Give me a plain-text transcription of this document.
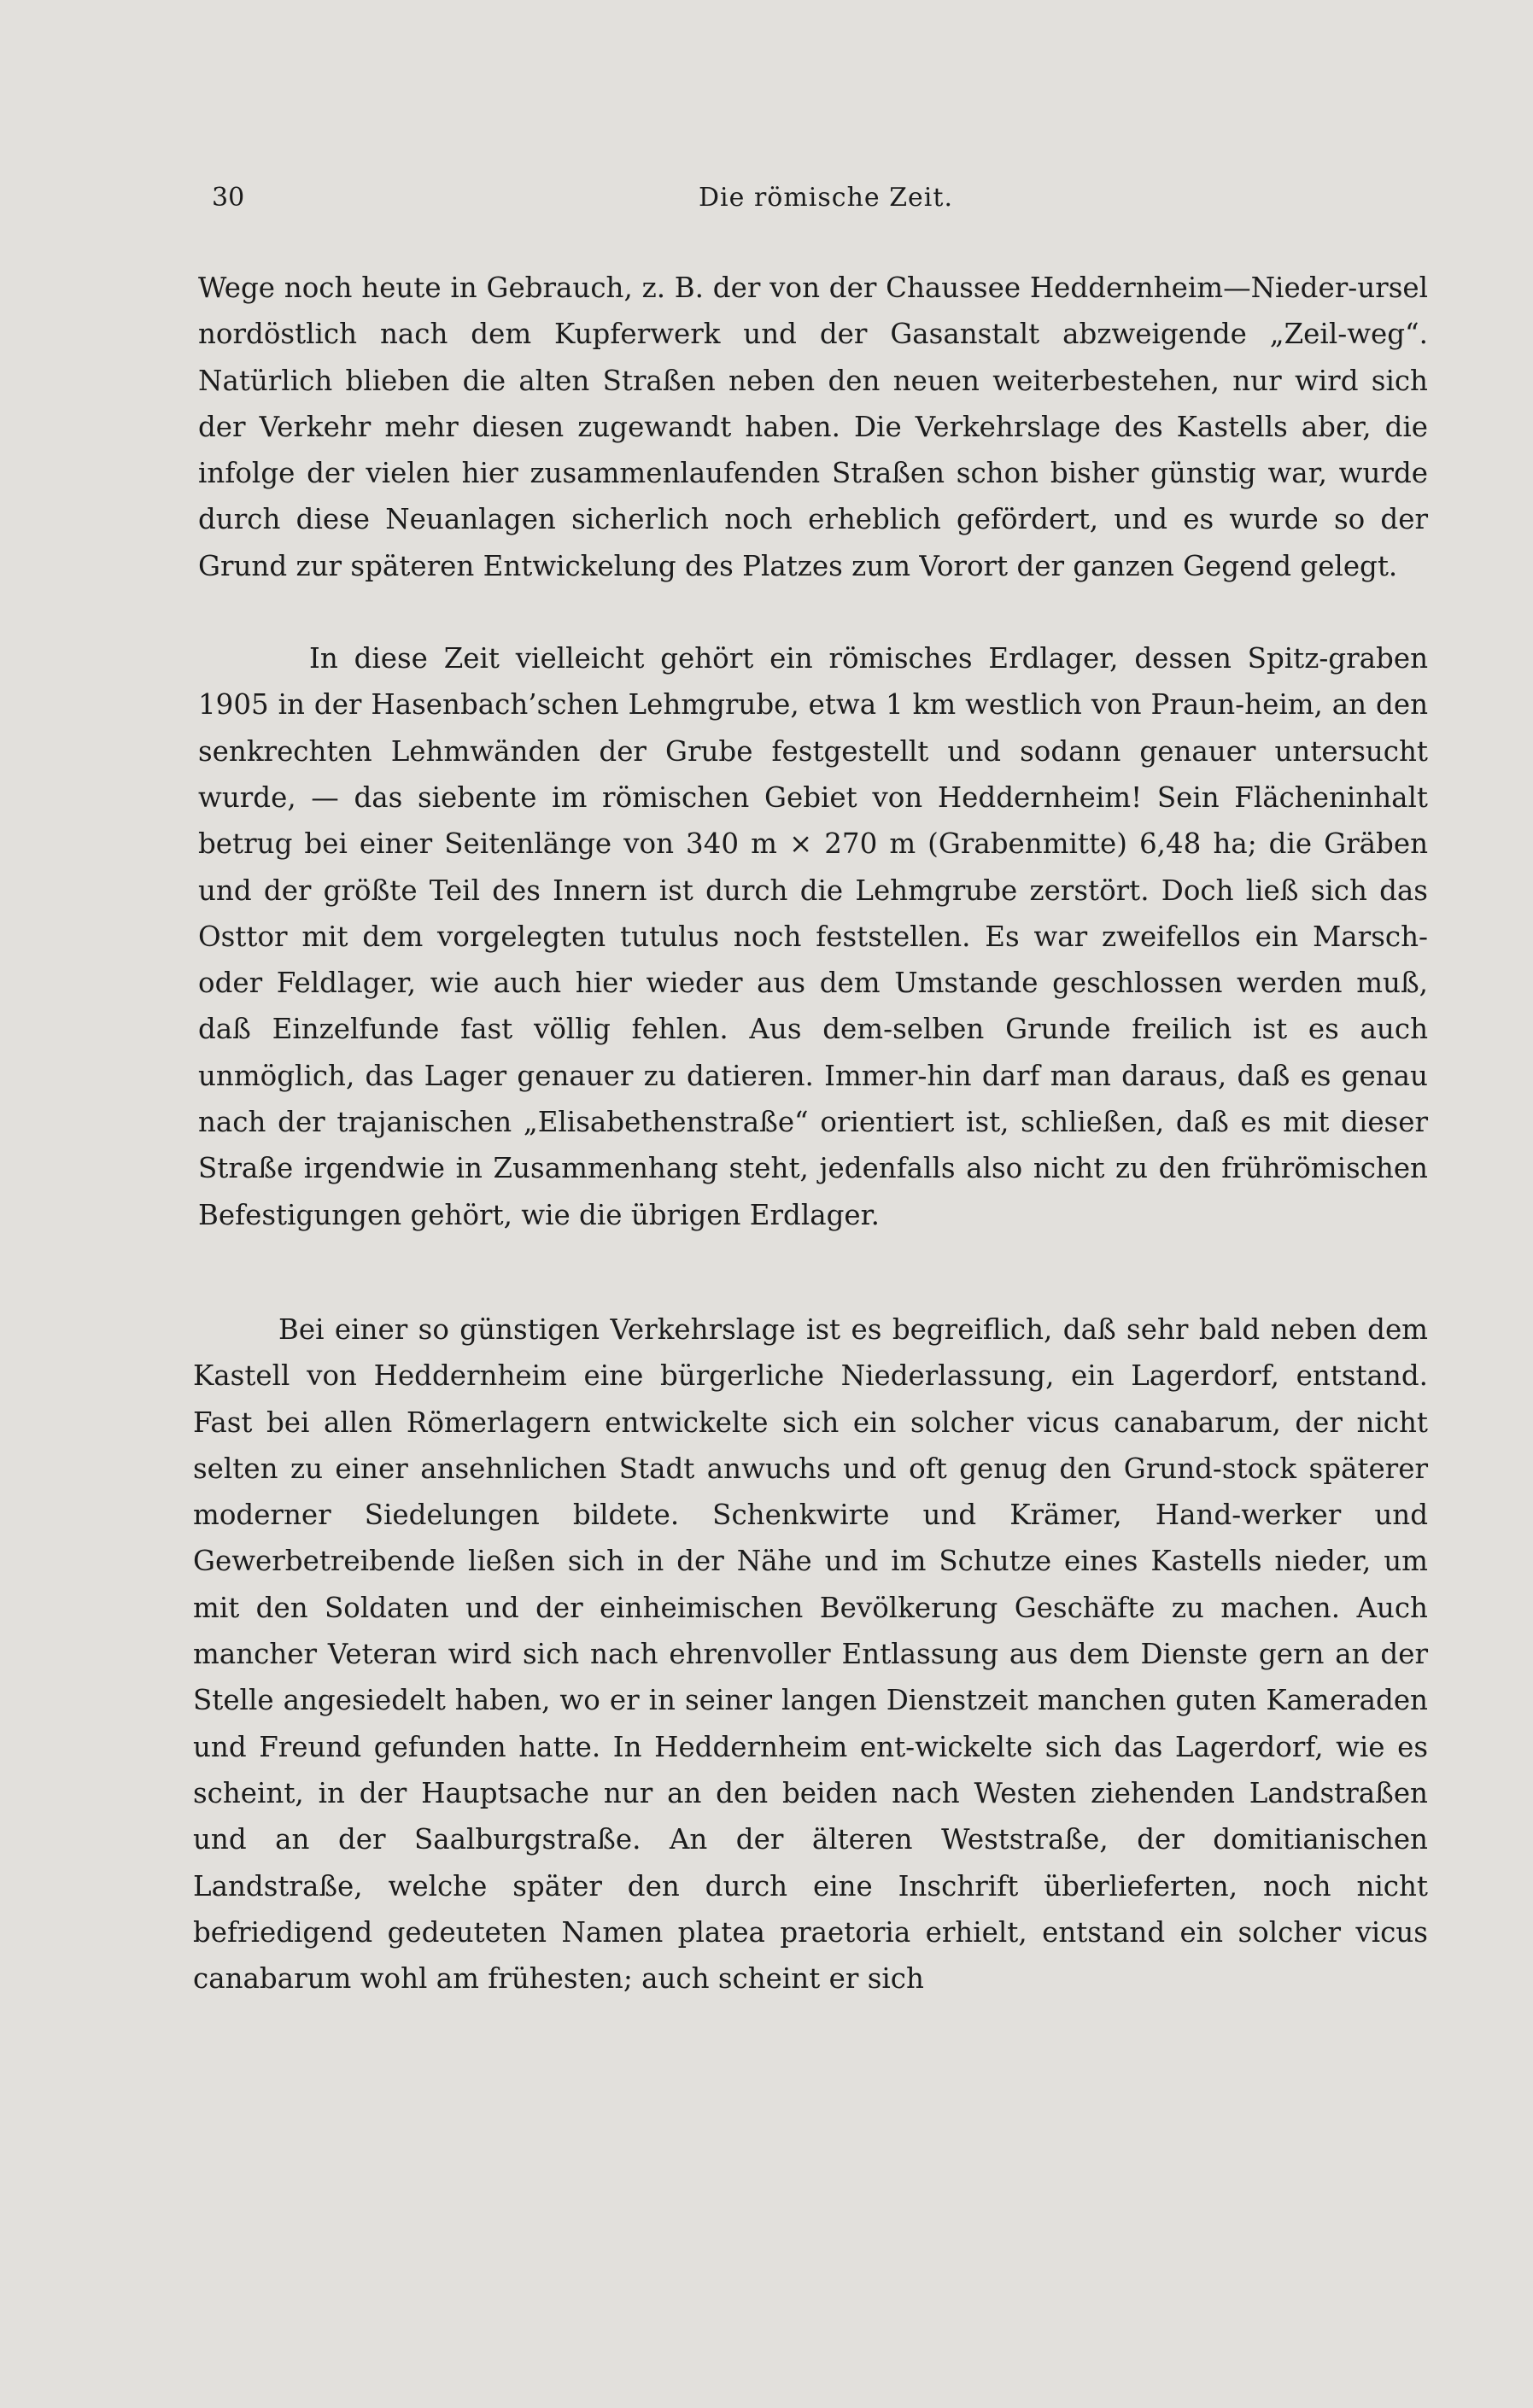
30	Die römische Zeit.

Wege noch heute in Gebrauch, z. B. der von der Chaussee Heddernheim—Nieder-ursel nordöstlich nach dem Kupferwerk und der Gasanstalt abzweigende „Zeil-weg“. Natürlich blieben die alten Straßen neben den neuen weiterbestehen, nur wird sich der Verkehr mehr diesen zugewandt haben. Die Verkehrslage des Kastells aber, die infolge der vielen hier zusammenlaufenden Straßen schon bisher günstig war, wurde durch diese Neuanlagen sicherlich noch erheblich gefördert, und es wurde so der Grund zur späteren Entwickelung des Platzes zum Vorort der ganzen Gegend gelegt.

In diese Zeit vielleicht gehört ein römisches Erdlager, dessen Spitz-graben 1905 in der Hasenbach’schen Lehmgrube, etwa 1 km westlich von Praun-heim, an den senkrechten Lehmwänden der Grube festgestellt und sodann genauer untersucht wurde, — das siebente im römischen Gebiet von Heddernheim! Sein Flächeninhalt betrug bei einer Seitenlänge von 340 m × 270 m (Grabenmitte) 6,48 ha; die Gräben und der größte Teil des Innern ist durch die Lehmgrube zerstört. Doch ließ sich das Osttor mit dem vorgelegten tutulus noch feststellen. Es war zweifellos ein Marsch- oder Feldlager, wie auch hier wieder aus dem Umstande geschlossen werden muß, daß Einzelfunde fast völlig fehlen. Aus dem-selben Grunde freilich ist es auch unmöglich, das Lager genauer zu datieren. Immer-hin darf man daraus, daß es genau nach der trajanischen „Elisabethenstraße“ orientiert ist, schließen, daß es mit dieser Straße irgendwie in Zusammenhang steht, jedenfalls also nicht zu den frührömischen Befestigungen gehört, wie die übrigen Erdlager.

Bei einer so günstigen Verkehrslage ist es begreiflich, daß sehr bald neben dem Kastell von Heddernheim eine bürgerliche Niederlassung, ein Lagerdorf, entstand. Fast bei allen Römerlagern entwickelte sich ein solcher vicus canabarum, der nicht selten zu einer ansehnlichen Stadt anwuchs und oft genug den Grund-stock späterer moderner Siedelungen bildete. Schenkwirte und Krämer, Hand-werker und Gewerbetreibende ließen sich in der Nähe und im Schutze eines Kastells nieder, um mit den Soldaten und der einheimischen Bevölkerung Geschäfte zu machen. Auch mancher Veteran wird sich nach ehrenvoller Entlassung aus dem Dienste gern an der Stelle angesiedelt haben, wo er in seiner langen Dienstzeit manchen guten Kameraden und Freund gefunden hatte. In Heddernheim ent-wickelte sich das Lagerdorf, wie es scheint, in der Hauptsache nur an den beiden nach Westen ziehenden Landstraßen und an der Saalburgstraße. An der älteren Weststraße, der domitianischen Landstraße, welche später den durch eine Inschrift überlieferten, noch nicht befriedigend gedeuteten Namen platea praetoria erhielt, entstand ein solcher vicus canabarum wohl am frühesten; auch scheint er sich
